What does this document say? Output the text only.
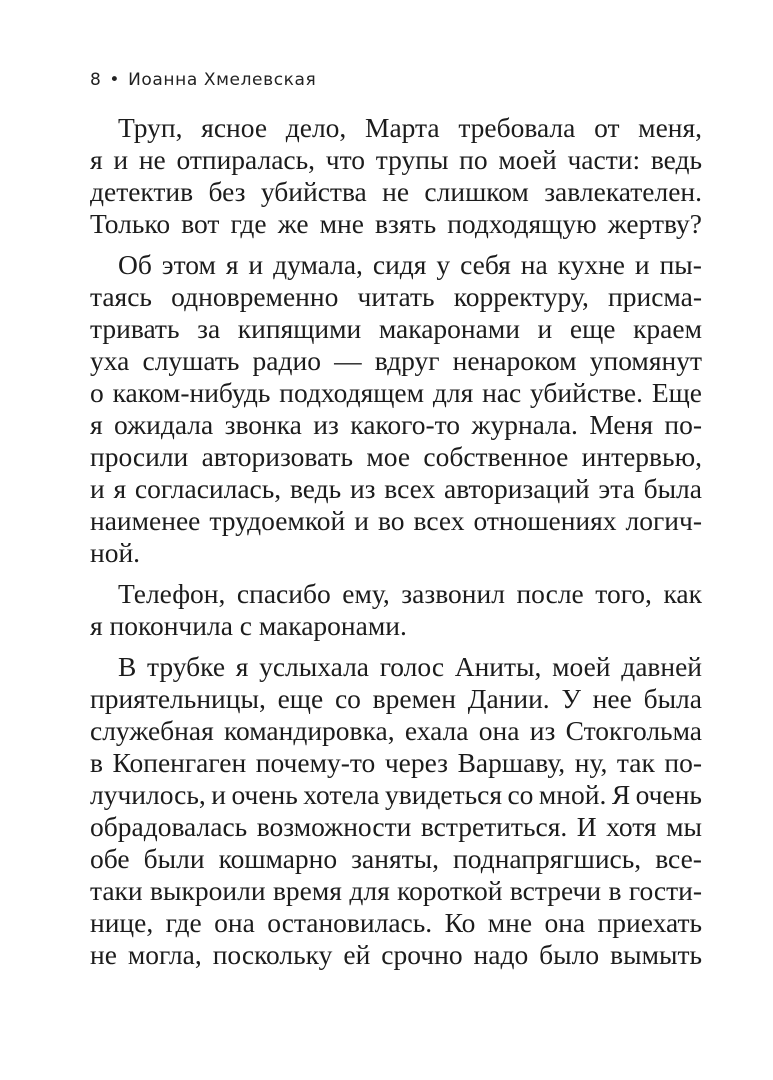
8 • Иоанна Хмелевская

Труп, ясное дело, Марта требовала от меня,
я и не отпиралась, что трупы по моей части: ведь
детектив без убийства не слишком завлекателен.
Только вот где же мне взять подходящую жертву?

Об этом я и думала, сидя у себя на кухне и пы-
таясь одновременно читать корректуру, присма-
тривать за кипящими макаронами и еще краем
уха слушать радио — вдруг ненароком упомянут
о каком-нибудь подходящем для нас убийстве. Еще
я ожидала звонка из какого-то журнала. Меня по-
просили авторизовать мое собственное интервью,
и я согласилась, ведь из всех авторизаций эта была
наименее трудоемкой и во всех отношениях логич-
ной.

Телефон, спасибо ему, зазвонил после того, как
я покончила с макаронами.

В трубке я услыхала голос Аниты, моей давней
приятельницы, еще со времен Дании. У нее была
служебная командировка, ехала она из Стокгольма
в Копенгаген почему-то через Варшаву, ну, так по-
лучилось, и очень хотела увидеться со мной. Я очень
обрадовалась возможности встретиться. И хотя мы
обе были кошмарно заняты, поднапрягшись, все-
таки выкроили время для короткой встречи в гости-
нице, где она остановилась. Ко мне она приехать
не могла, поскольку ей срочно надо было вымыть
